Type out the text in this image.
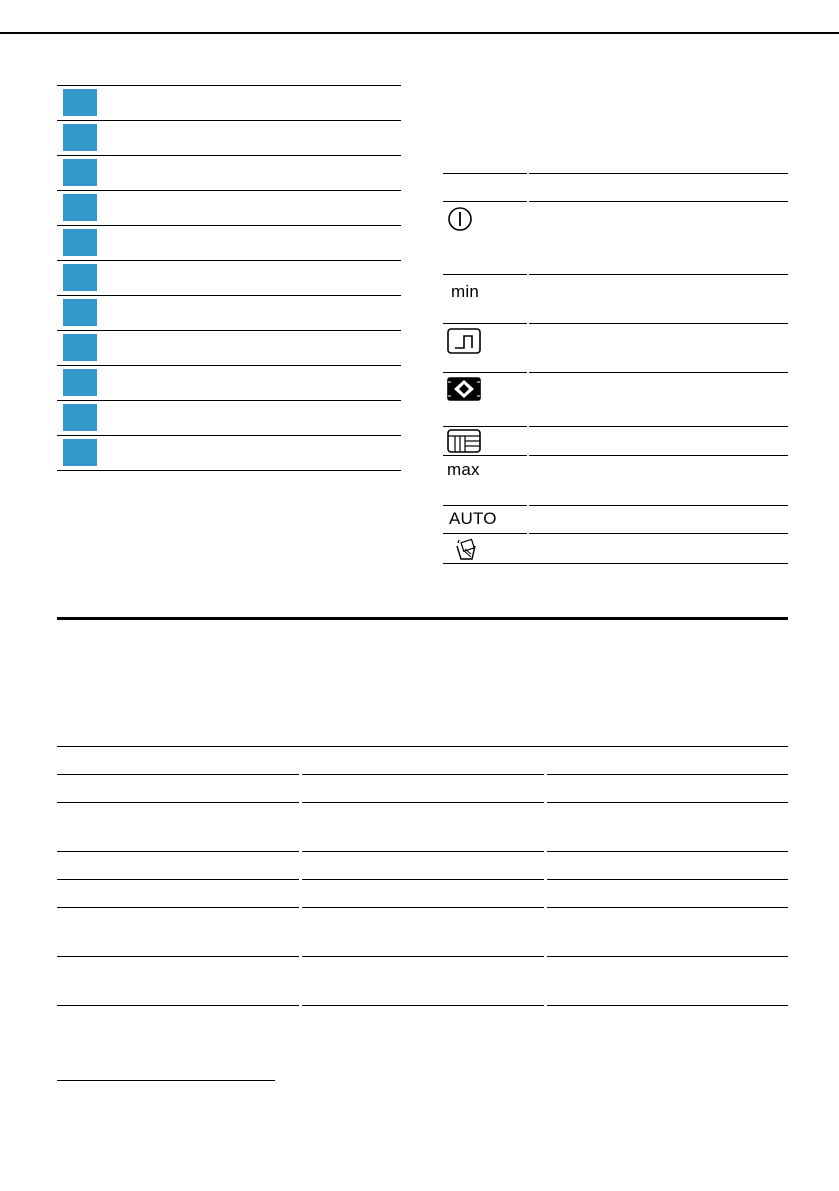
min
max
AUTO
